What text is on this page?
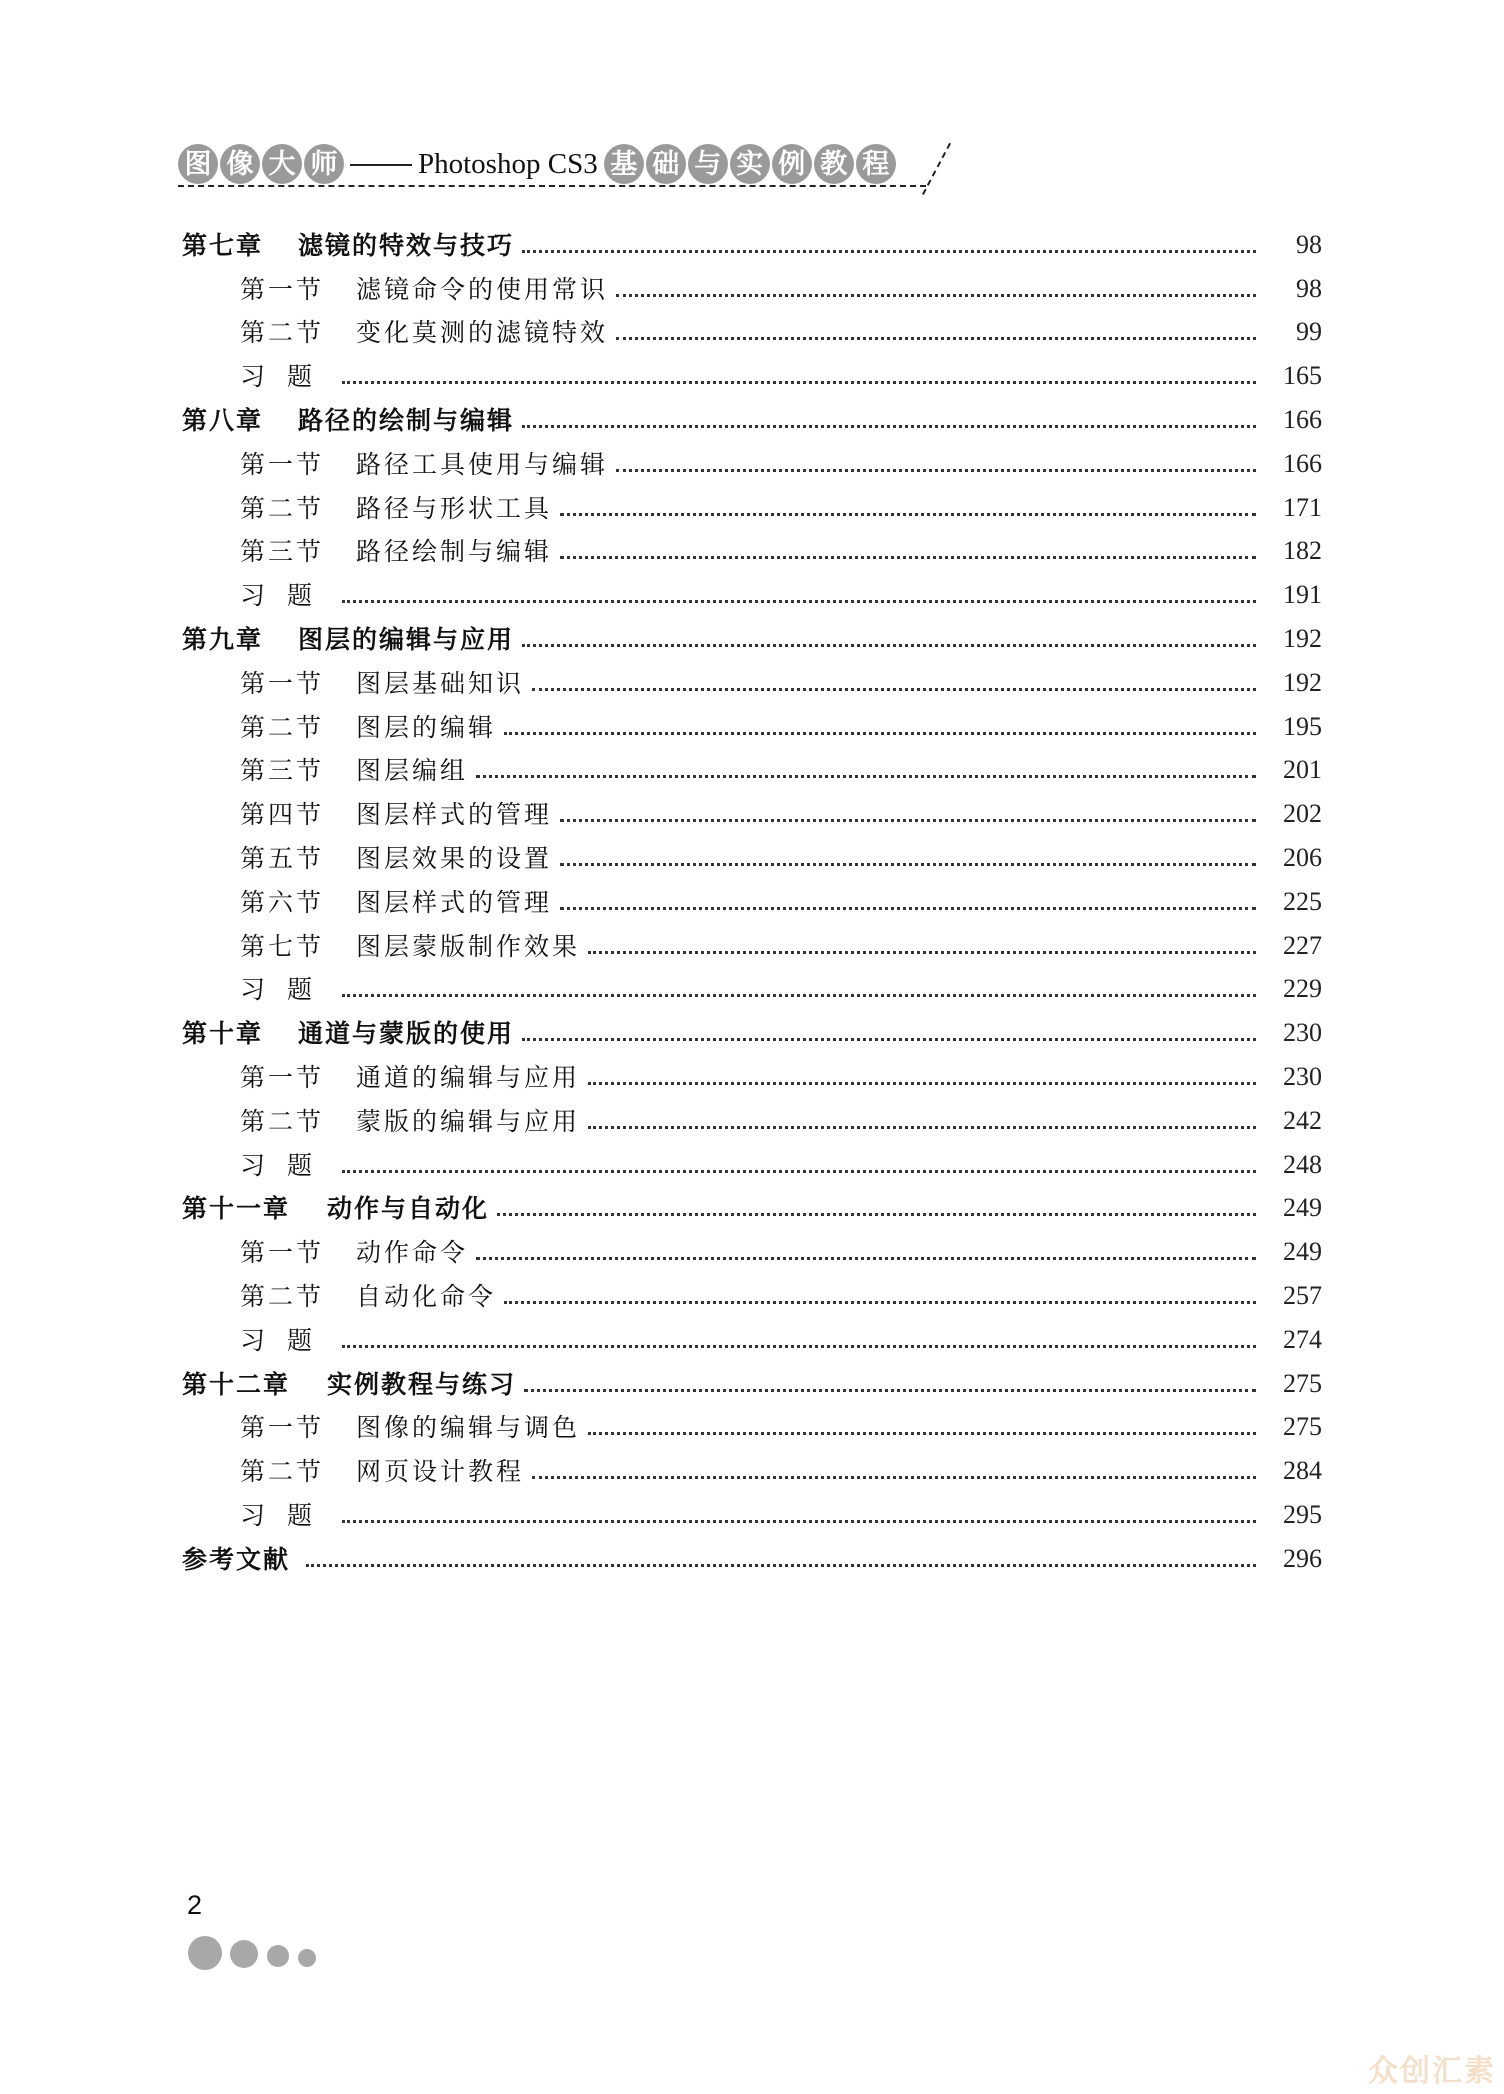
图 像 大 师	Photoshop CS3 基 础 与 实 例 教 程
第七章	滤镜的特效与技巧	98
第一节	滤镜命令的使用常识	98
第二节	变化莫测的滤镜特效	99
习题	165
第八章	路径的绘制与编辑	166
第一节	路径工具使用与编辑	166
第二节	路径与形状工具	171
第三节	路径绘制与编辑	182
习题	191
第九章	图层的编辑与应用	192
第一节	图层基础知识	192
第二节	图层的编辑	195
第三节	图层编组	201
第四节	图层样式的管理	202
第五节	图层效果的设置	206
第六节	图层样式的管理	225
第七节	图层蒙版制作效果	227
习题	229
第十章	通道与蒙版的使用	230
第一节	通道的编辑与应用	230
第二节	蒙版的编辑与应用	242
习题	248
第十一章	动作与自动化	249
第一节	动作命令	249
第二节	自动化命令	257
习题	274
第十二章	实例教程与练习	275
第一节	图像的编辑与调色	275
第二节	网页设计教程	284
习题	295
参考文献	296
2
众创汇素
